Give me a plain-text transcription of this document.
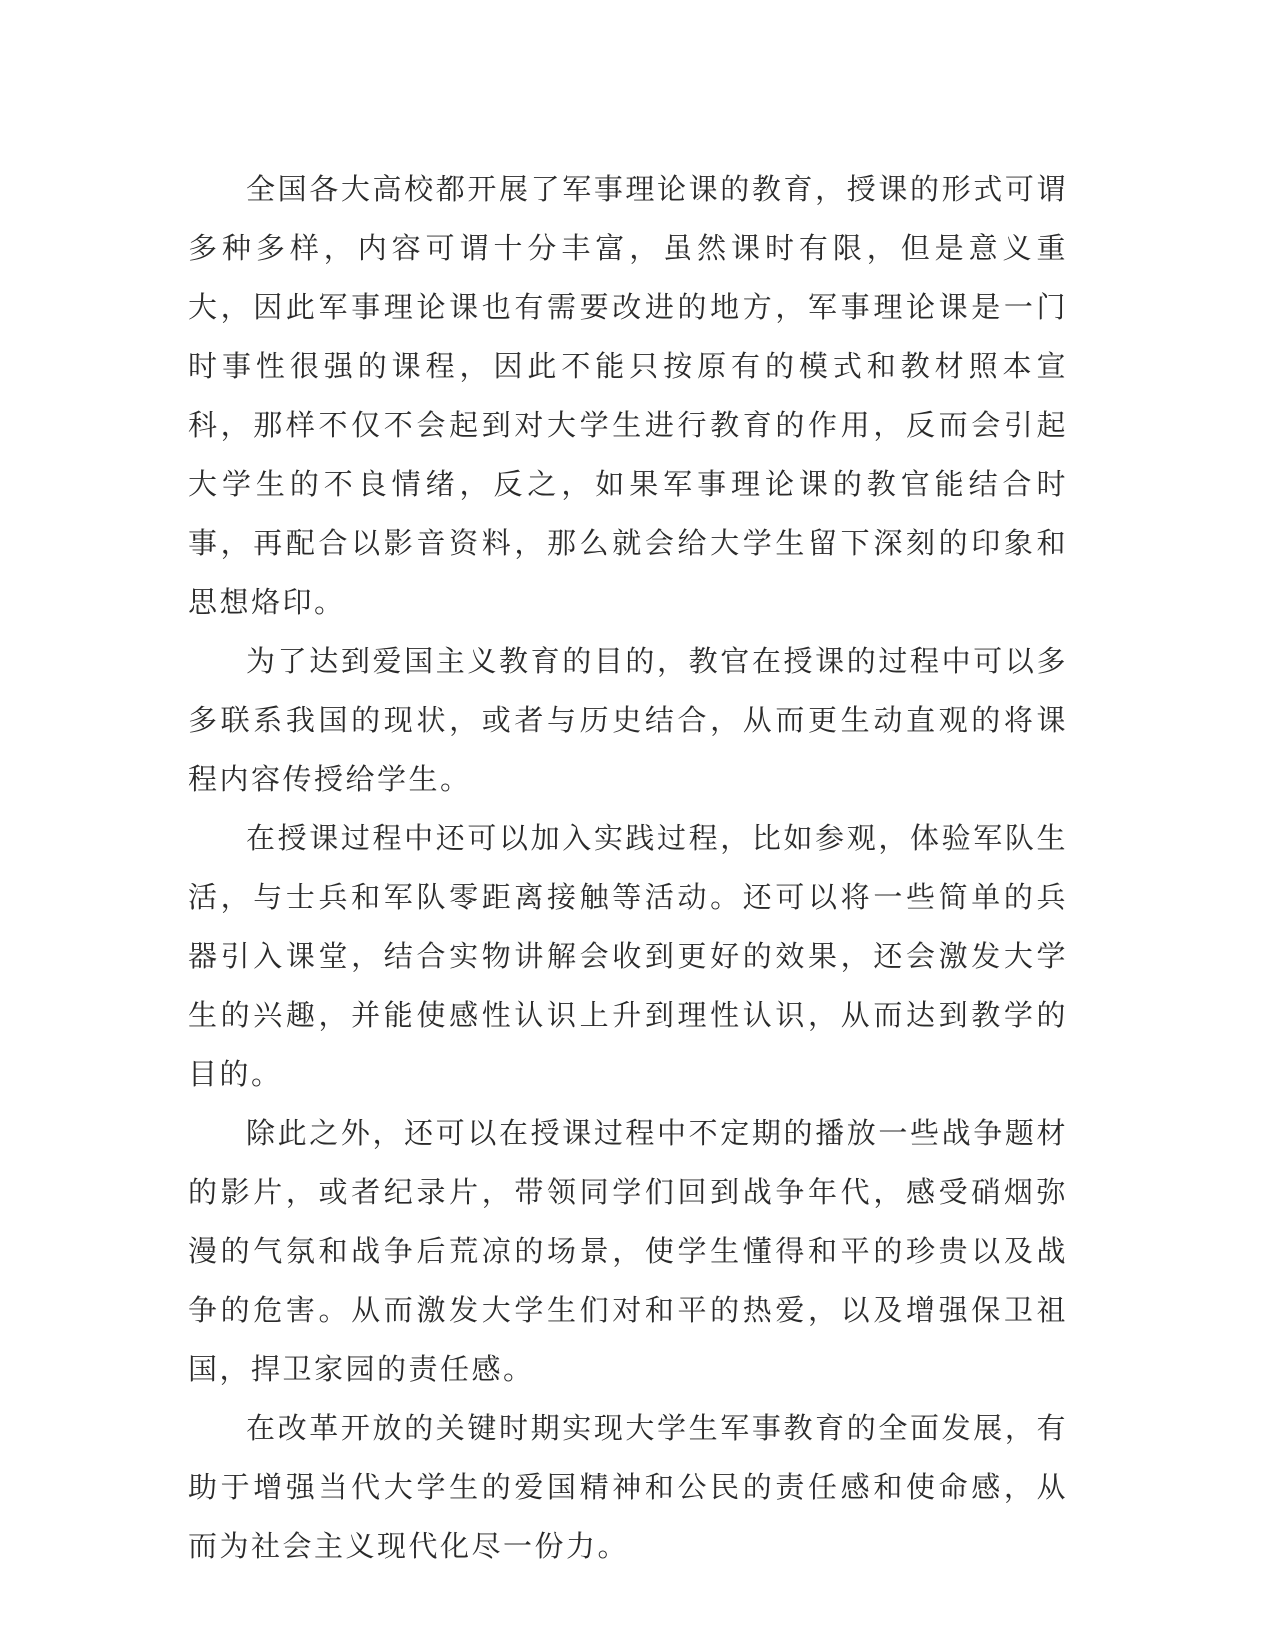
全国各大高校都开展了军事理论课的教育，授课的形式可谓多种多样，内容可谓十分丰富，虽然课时有限，但是意义重大，因此军事理论课也有需要改进的地方，军事理论课是一门时事性很强的课程，因此不能只按原有的模式和教材照本宣科，那样不仅不会起到对大学生进行教育的作用，反而会引起大学生的不良情绪，反之，如果军事理论课的教官能结合时事，再配合以影音资料，那么就会给大学生留下深刻的印象和思想烙印。

为了达到爱国主义教育的目的，教官在授课的过程中可以多多联系我国的现状，或者与历史结合，从而更生动直观的将课程内容传授给学生。

在授课过程中还可以加入实践过程，比如参观，体验军队生活，与士兵和军队零距离接触等活动。还可以将一些简单的兵器引入课堂，结合实物讲解会收到更好的效果，还会激发大学生的兴趣，并能使感性认识上升到理性认识，从而达到教学的目的。

除此之外，还可以在授课过程中不定期的播放一些战争题材的影片，或者纪录片，带领同学们回到战争年代，感受硝烟弥漫的气氛和战争后荒凉的场景，使学生懂得和平的珍贵以及战争的危害。从而激发大学生们对和平的热爱，以及增强保卫祖国，捍卫家园的责任感。

在改革开放的关键时期实现大学生军事教育的全面发展，有助于增强当代大学生的爱国精神和公民的责任感和使命感，从而为社会主义现代化尽一份力。
